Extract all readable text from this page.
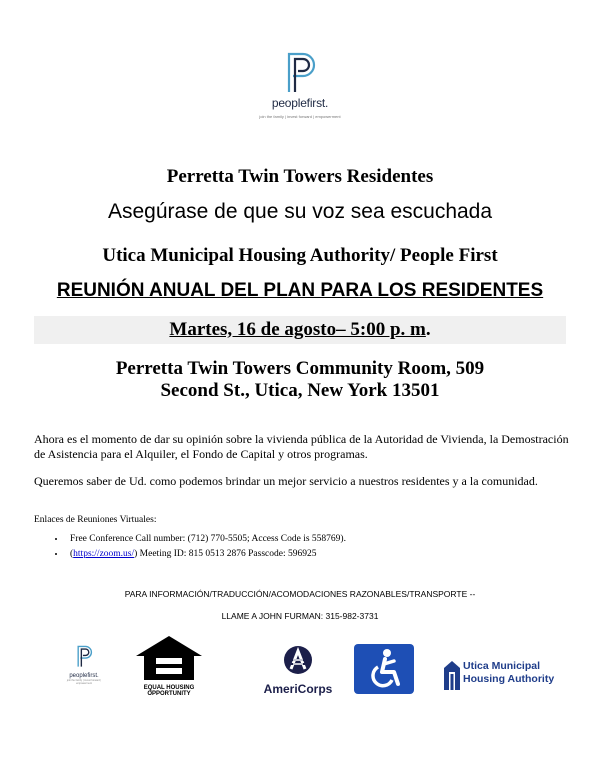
peoplefirst.
join the family | invest forward | empowerment
Perretta Twin Towers Residentes
Asegúrase de que su voz sea escuchada
Utica Municipal Housing Authority/ People First
REUNIÓN ANUAL DEL PLAN PARA LOS RESIDENTES
Martes, 16 de agosto– 5:00 p. m.
Perretta Twin Towers Community Room, 509
Second St., Utica, New York 13501
Ahora es el momento de dar su opinión sobre la vivienda pública de la Autoridad de Vivienda, la Demostración de Asistencia para el Alquiler, el Fondo de Capital y otros programas.
Queremos saber de Ud. como podemos brindar un mejor servicio a nuestros residentes y a la comunidad.
Enlaces de Reuniones Virtuales:
• Free Conference Call number: (712) 770-5505; Access Code is 558769).
• (https://zoom.us/) Meeting ID: 815 0513 2876 Passcode: 596925
PARA INFORMACIÓN/TRADUCCIÓN/ACOMODACIONES RAZONABLES/TRANSPORTE --
LLAME A JOHN FURMAN: 315-982-3731
peoplefirst.
join the family | invest forward | empowerment
EQUAL HOUSING
OPPORTUNITY	AmeriCorps
Utica Municipal
Housing Authority
